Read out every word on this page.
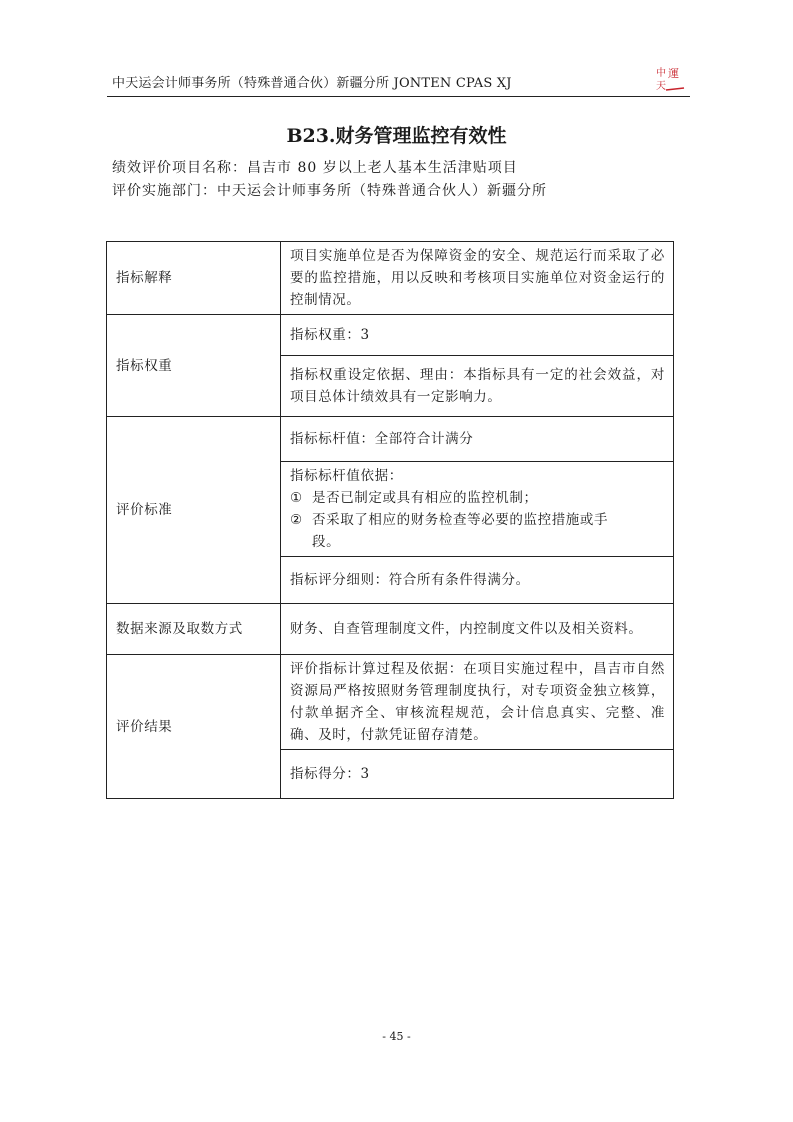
中天运会计师事务所（特殊普通合伙）新疆分所 JONTEN CPAS XJ
中 運
天
B23.财务管理监控有效性
绩效评价项目名称：昌吉市 80 岁以上老人基本生活津贴项目
评价实施部门：中天运会计师事务所（特殊普通合伙人）新疆分所
指标解释	项目实施单位是否为保障资金的安全、规范运行而采取了必要的监控措施，用以反映和考核项目实施单位对资金运行的控制情况。
指标权重	指标权重：3
	指标权重设定依据、理由：本指标具有一定的社会效益，对项目总体计绩效具有一定影响力。
评价标准	指标标杆值：全部符合计满分

	指标标杆值依据：
① 是否已制定或具有相应的监控机制；
② 否采取了相应的财务检查等必要的监控措施或手
段。

	指标评分细则：符合所有条件得满分。
数据来源及取数方式	财务、自查管理制度文件，内控制度文件以及相关资料。
评价结果	评价指标计算过程及依据：在项目实施过程中，昌吉市自然资源局严格按照财务管理制度执行，对专项资金独立核算，付款单据齐全、审核流程规范，会计信息真实、完整、准确、及时，付款凭证留存清楚。
	指标得分：3
- 45 -
